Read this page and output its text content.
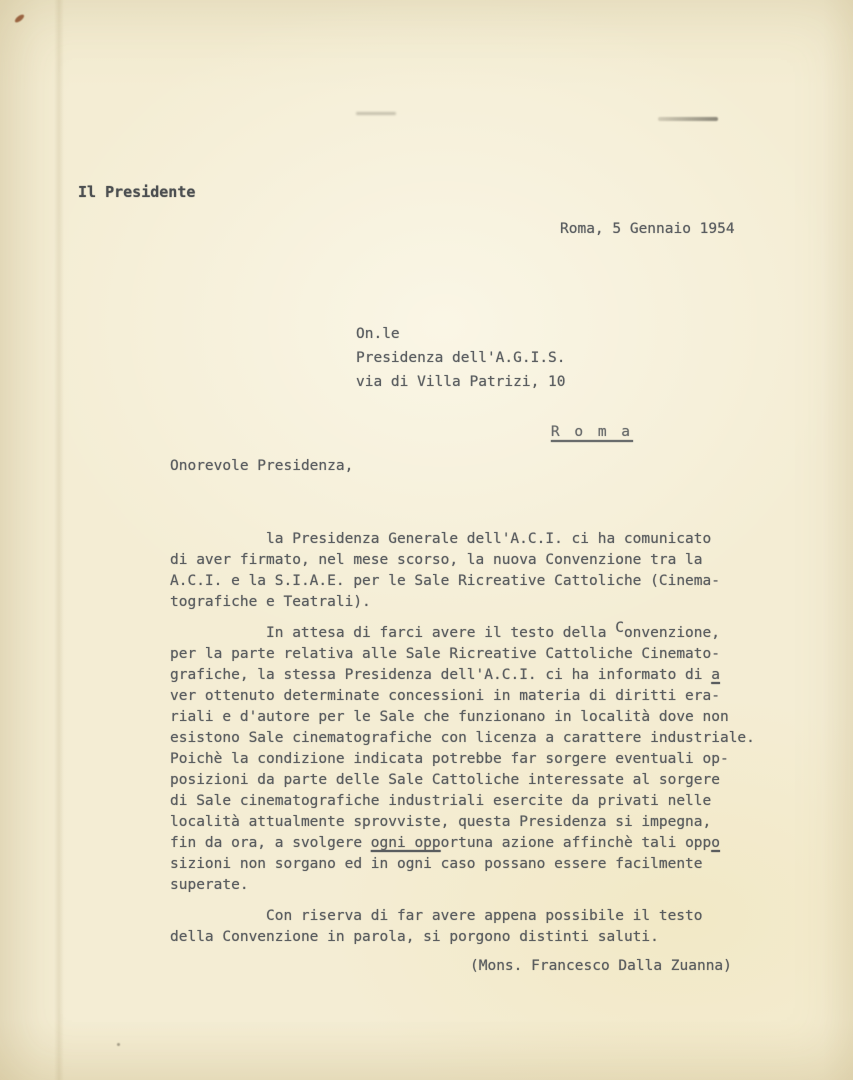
Il Presidente
Roma, 5 Gennaio 1954

On.le
Presidenza dell'A.G.I.S.
via di Villa Patrizi, 10

R o m a

Onorevole Presidenza,

la Presidenza Generale dell'A.C.I. ci ha comunicato
di aver firmato, nel mese scorso, la nuova Convenzione tra la
A.C.I. e la S.I.A.E. per le Sale Ricreative Cattoliche (Cinema-
tografiche e Teatrali).
In attesa di farci avere il testo della Convenzione,
per la parte relativa alle Sale Ricreative Cattoliche Cinemato-
grafiche, la stessa Presidenza dell'A.C.I. ci ha informato di a
ver ottenuto determinate concessioni in materia di diritti era-
riali e d'autore per le Sale che funzionano in località dove non
esistono Sale cinematografiche con licenza a carattere industriale.
Poichè la condizione indicata potrebbe far sorgere eventuali op-
posizioni da parte delle Sale Cattoliche interessate al sorgere
di Sale cinematografiche industriali esercite da privati nelle
località attualmente sprovviste, questa Presidenza si impegna,
fin da ora, a svolgere ogni opportuna azione affinchè tali oppo
sizioni non sorgano ed in ogni caso possano essere facilmente
superate.
Con riserva di far avere appena possibile il testo
della Convenzione in parola, si porgono distinti saluti.

(Mons. Francesco Dalla Zuanna)
